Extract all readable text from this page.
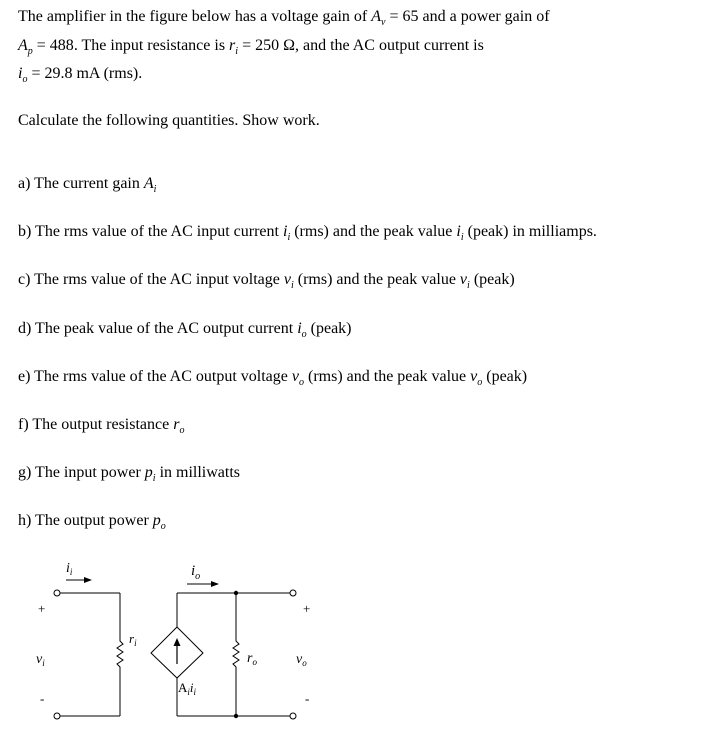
The amplifier in the figure below has a voltage gain of $A_v = 65$ and a power gain of
$A_p = 488$. The input resistance is $r_i = 250$ Ω, and the AC output current is
$i_o = 29.8$ mA (rms).
Calculate the following quantities. Show work.
a) The current gain $A_i$
b) The rms value of the AC input current $i_i$ (rms) and the peak value $i_i$ (peak) in milliamps.
c) The rms value of the AC input voltage $v_i$ (rms) and the peak value $v_i$ (peak)
d) The peak value of the AC output current $i_o$ (peak)
e) The rms value of the AC output voltage $v_o$ (rms) and the peak value $v_o$ (peak)
f) The output resistance $r_o$
g) The input power $p_i$ in milliwatts
h) The output power $p_o$
$i_i$	$i_o$
$r_i$
$r_o$
$A_ii_i$
$v_i$	$v_o$
+
-
+
-
